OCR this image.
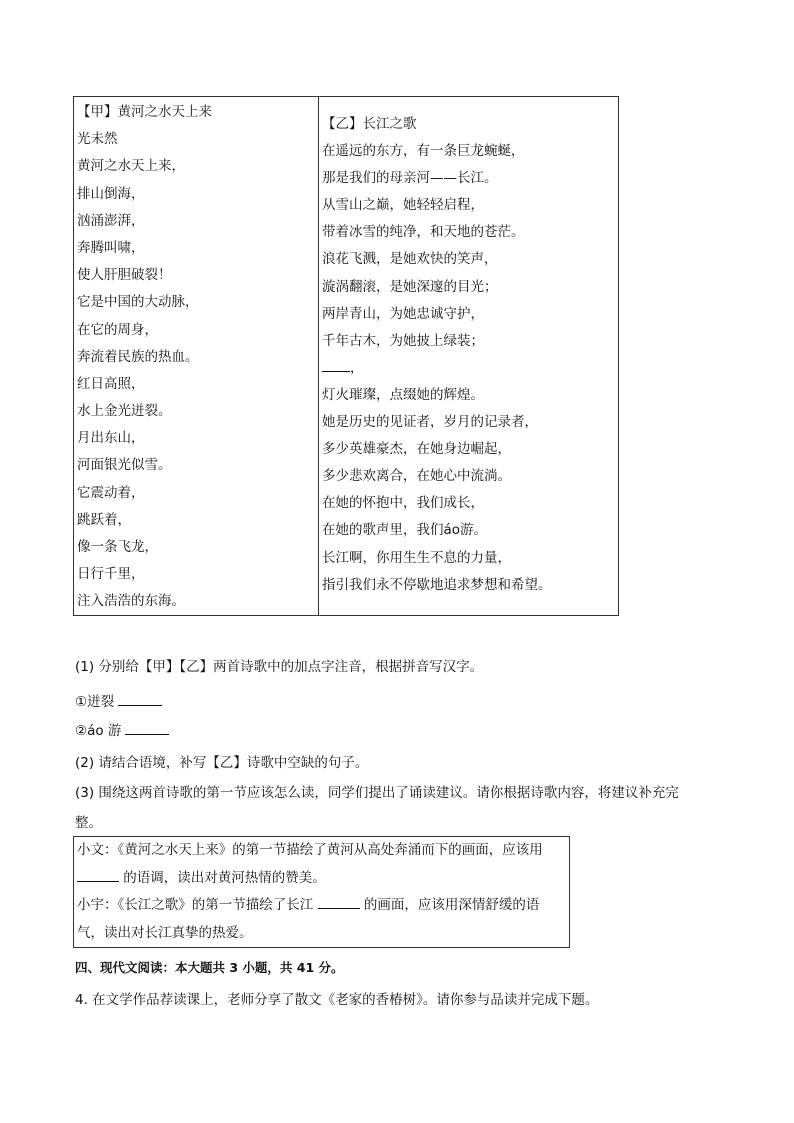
【甲】黄河之水天上来
光未然
黄河之水天上来，
排山倒海，
汹涌澎湃，
奔腾叫啸，
使人肝胆破裂！
它是中国的大动脉，
在它的周身，
奔流着民族的热血。
红日高照，
水上金光迸裂。
月出东山，
河面银光似雪。
它震动着，
跳跃着，
像一条飞龙，
日行千里，
注入浩浩的东海。
【乙】长江之歌
在遥远的东方，有一条巨龙蜿蜒，
那是我们的母亲河——长江。
从雪山之巅，她轻轻启程，
带着冰雪的纯净，和天地的苍茫。
浪花飞溅，是她欢快的笑声，
漩涡翻滚，是她深邃的目光；
两岸青山，为她忠诚守护，
千年古木，为她披上绿装；
，
灯火璀璨，点缀她的辉煌。
她是历史的见证者，岁月的记录者，
多少英雄豪杰，在她身边崛起，
多少悲欢离合，在她心中流淌。
在她的怀抱中，我们成长，
在她的歌声里，我们áo游。
长江啊，你用生生不息的力量，
指引我们永不停歇地追求梦想和希望。
(1) 分别给【甲】【乙】两首诗歌中的加点字注音，根据拼音写汉字。
①迸裂
②áo 游
(2) 请结合语境，补写【乙】诗歌中空缺的句子。
(3) 围绕这两首诗歌的第一节应该怎么读，同学们提出了诵读建议。请你根据诗歌内容，将建议补充完
整。
小文：《黄河之水天上来》的第一节描绘了黄河从高处奔涌而下的画面，应该用
的语调，读出对黄河热情的赞美。
小宇：《长江之歌》的第一节描绘了长江	的画面，应该用深情舒缓的语
气，读出对长江真挚的热爱。
四、现代文阅读：本大题共 3 小题，共 41 分。
4. 在文学作品荐读课上，老师分享了散文《老家的香椿树》。请你参与品读并完成下题。
